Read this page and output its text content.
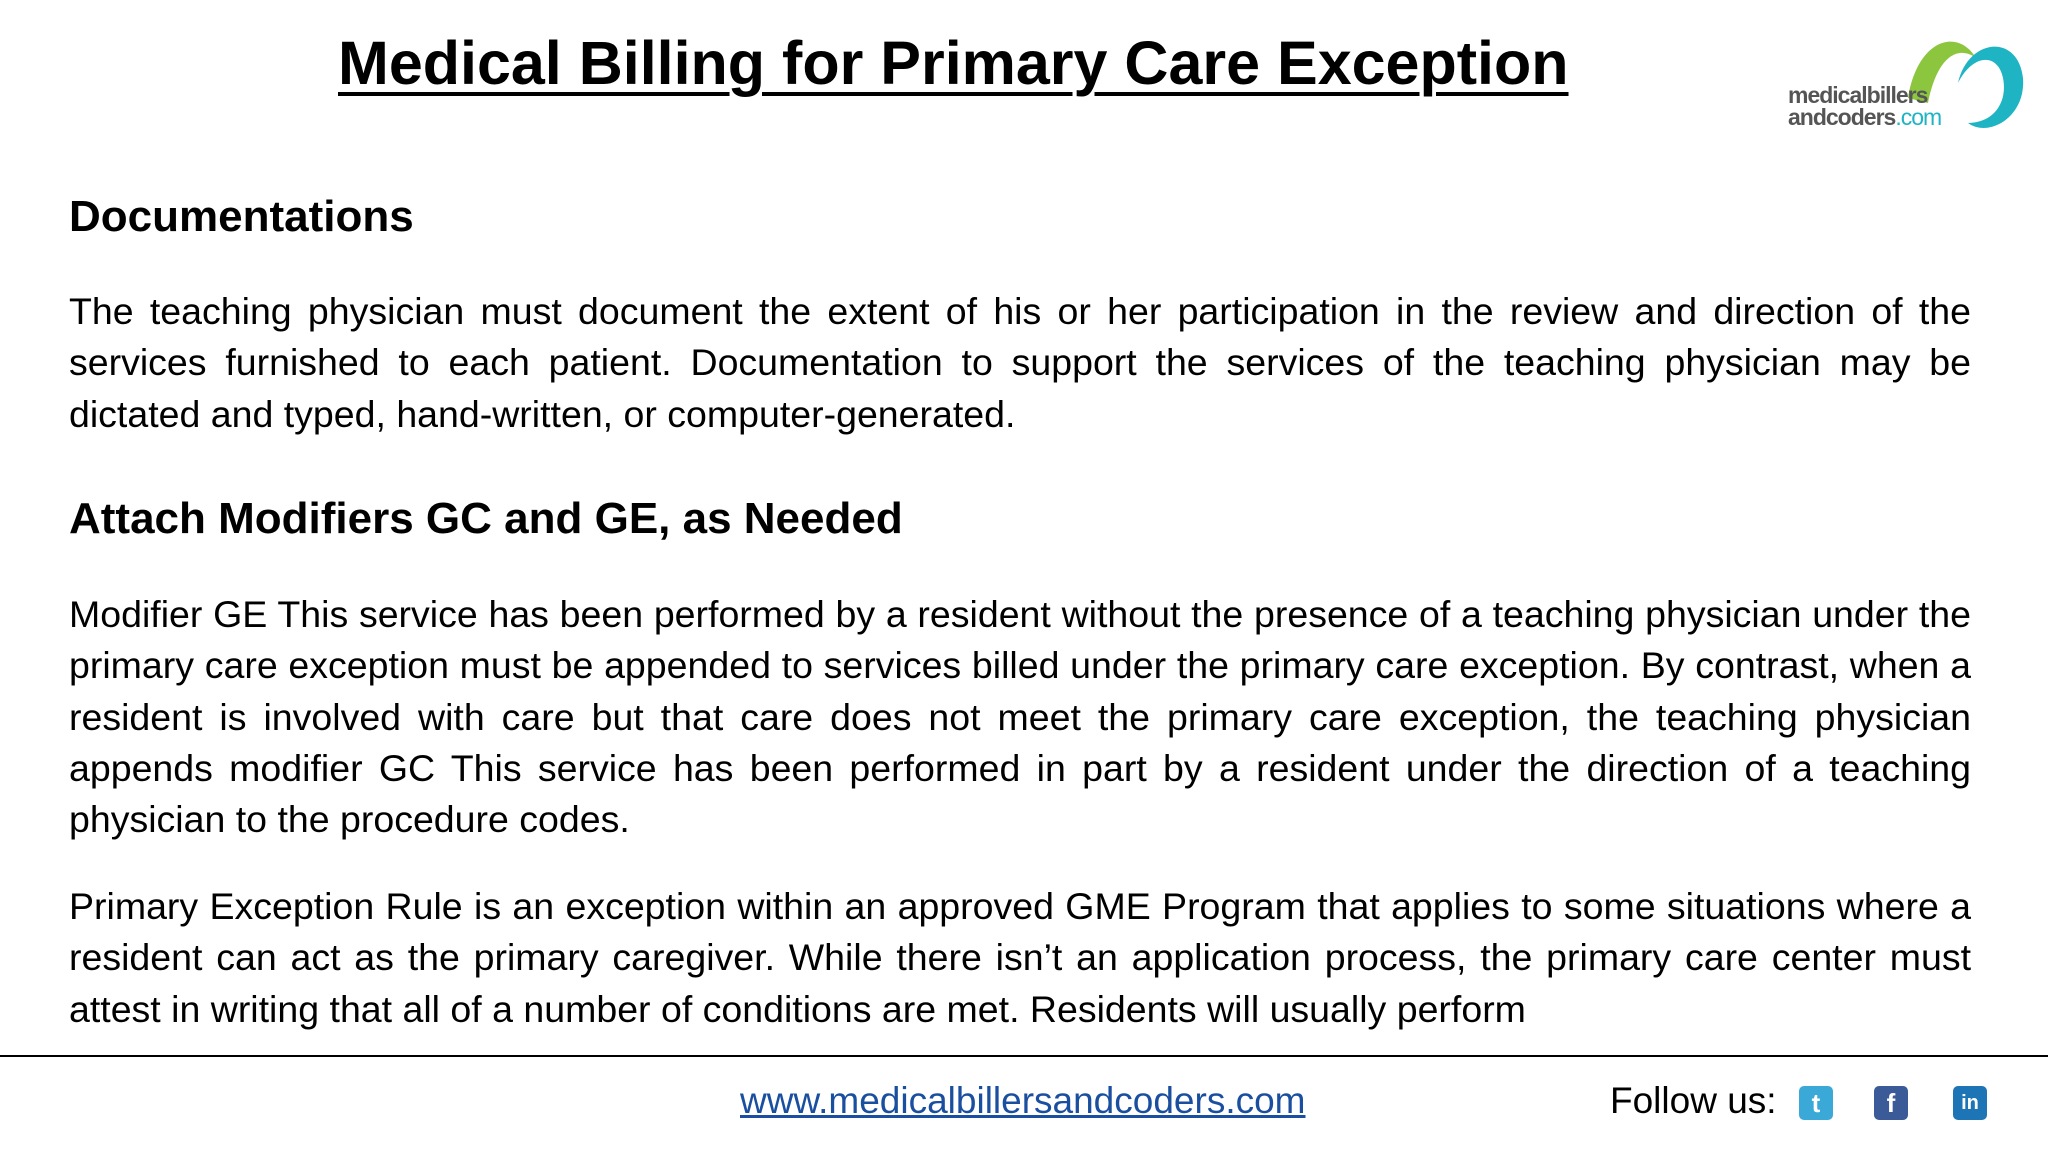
Medical Billing for Primary Care Exception	medicalbillers
andcoders.com
Documentations

The teaching physician must document the extent of his or her participation in the review and direction of the services furnished to each patient. Documentation to support the services of the teaching physician may be dictated and typed, hand-written, or computer-generated.

Attach Modifiers GC and GE, as Needed

Modifier GE This service has been performed by a resident without the presence of a teaching physician under the primary care exception must be appended to services billed under the primary care exception. By contrast, when a resident is involved with care but that care does not meet the primary care exception, the teaching physician appends modifier GC This service has been performed in part by a resident under the direction of a teaching physician to the procedure codes.

Primary Exception Rule is an exception within an approved GME Program that applies to some situations where a resident can act as the primary caregiver. While there isn’t an application process, the primary care center must attest in writing that all of a number of conditions are met. Residents will usually perform

www.medicalbillersandcoders.com	Follow us:	t	f	in
